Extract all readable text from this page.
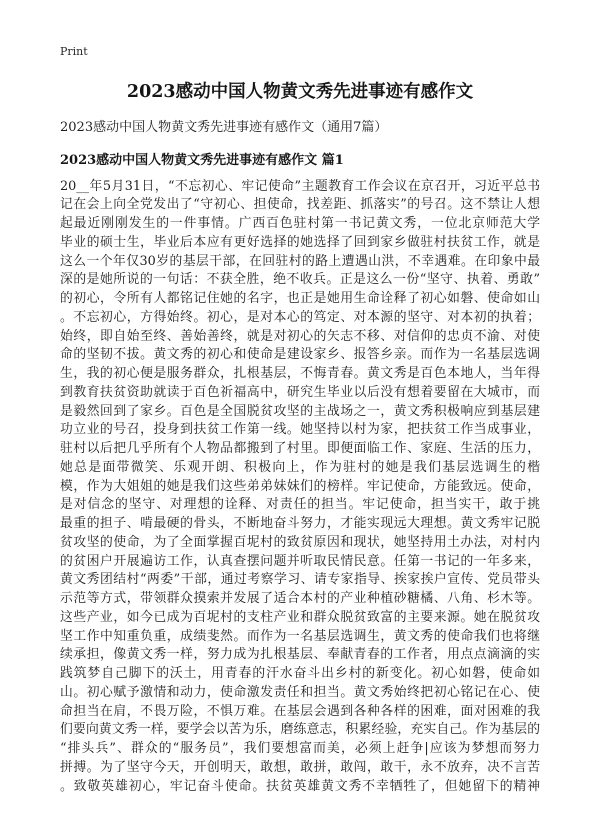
Print
2023感动中国人物黄文秀先进事迹有感作文
2023感动中国人物黄文秀先进事迹有感作文（通用7篇）
2023感动中国人物黄文秀先进事迹有感作文 篇1
20__年5月31日，“不忘初心、牢记使命”主题教育工作会议在京召开，习近平总书
记在会上向全党发出了“守初心、担使命，找差距、抓落实”的号召。这不禁让人想
起最近刚刚发生的一件事情。广西百色驻村第一书记黄文秀，一位北京师范大学
毕业的硕士生，毕业后本应有更好选择的她选择了回到家乡做驻村扶贫工作，就是
这么一个年仅30岁的基层干部，在回驻村的路上遭遇山洪，不幸遇难。在印象中最
深的是她所说的一句话：不获全胜，绝不收兵。正是这么一份“坚守、执着、勇敢”
的初心，令所有人都铭记住她的名字，也正是她用生命诠释了初心如磐、使命如山
。不忘初心，方得始终。初心，是对本心的笃定、对本源的坚守、对本初的执着；
始终，即自始至终、善始善终，就是对初心的矢志不移、对信仰的忠贞不渝、对使
命的坚韧不拔。黄文秀的初心和使命是建设家乡、报答乡亲。而作为一名基层选调
生，我的初心便是服务群众，扎根基层，不悔青春。黄文秀是百色本地人，当年得
到教育扶贫资助就读于百色祈福高中，研究生毕业以后没有想着要留在大城市，而
是毅然回到了家乡。百色是全国脱贫攻坚的主战场之一，黄文秀积极响应到基层建
功立业的号召，投身到扶贫工作第一线。她坚持以村为家，把扶贫工作当成事业，
驻村以后把几乎所有个人物品都搬到了村里。即便面临工作、家庭、生活的压力，
她总是面带微笑、乐观开朗、积极向上，作为驻村的她是我们基层选调生的楷
模，作为大姐姐的她是我们这些弟弟妹妹们的榜样。牢记使命，方能致远。使命，
是对信念的坚守、对理想的诠释、对责任的担当。牢记使命，担当实干，敢于挑
最重的担子、啃最硬的骨头，不断地奋斗努力，才能实现远大理想。黄文秀牢记脱
贫攻坚的使命，为了全面掌握百坭村的致贫原因和现状，她坚持用土办法，对村内
的贫困户开展遍访工作，认真查摆问题并听取民情民意。任第一书记的一年多来，
黄文秀团结村“两委”干部，通过考察学习、请专家指导、挨家挨户宣传、党员带头
示范等方式，带领群众摸索并发展了适合本村的产业种植砂糖橘、八角、杉木等。
这些产业，如今已成为百坭村的支柱产业和群众脱贫致富的主要来源。她在脱贫攻
坚工作中知重负重，成绩斐然。而作为一名基层选调生，黄文秀的使命我们也将继
续承担，像黄文秀一样，努力成为扎根基层、奉献青春的工作者，用点点滴滴的实
践筑梦自己脚下的沃土，用青春的汗水奋斗出乡村的新变化。初心如磐，使命如
山。初心赋予激情和动力，使命激发责任和担当。黄文秀始终把初心铭记在心、使
命担当在肩，不畏万险，不惧万难。在基层会遇到各种各样的困难，面对困难的我
们要向黄文秀一样，要学会以苦为乐，磨练意志，积累经验，充实自己。作为基层的
“排头兵”、群众的“服务员”，我们要想富而美，必须上赶争|应该为梦想而努力
拼搏。为了坚守今天，开创明天，敢想，敢拼，敢闯，敢干，永不放弃，决不言苦
。致敬英雄初心，牢记奋斗使命。扶贫英雄黄文秀不幸牺牲了，但她留下的精神
